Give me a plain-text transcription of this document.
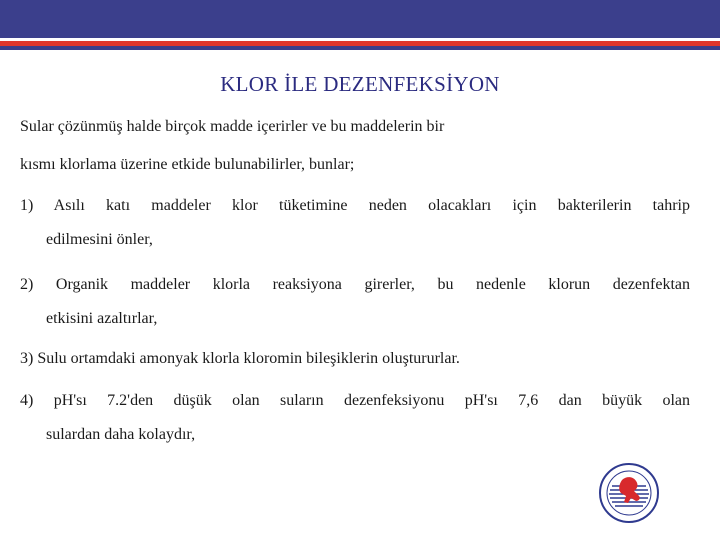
KLOR İLE DEZENFEKSİYON

Sular çözünmüş halde birçok madde içerirler ve bu maddelerin bir

kısmı klorlama üzerine etkide bulunabilirler, bunlar;

1) Asılı katı maddeler klor tüketimine neden olacakları için bakterilerin tahrip
edilmesini önler,
2) Organik maddeler klorla reaksiyona girerler, bu nedenle klorun dezenfektan
etkisini azaltırlar,
3) Sulu ortamdaki amonyak klorla kloromin bileşiklerin oluştururlar.
4) pH'sı 7.2'den düşük olan suların dezenfeksiyonu pH'sı 7,6 dan büyük olan
sulardan daha kolaydır,
